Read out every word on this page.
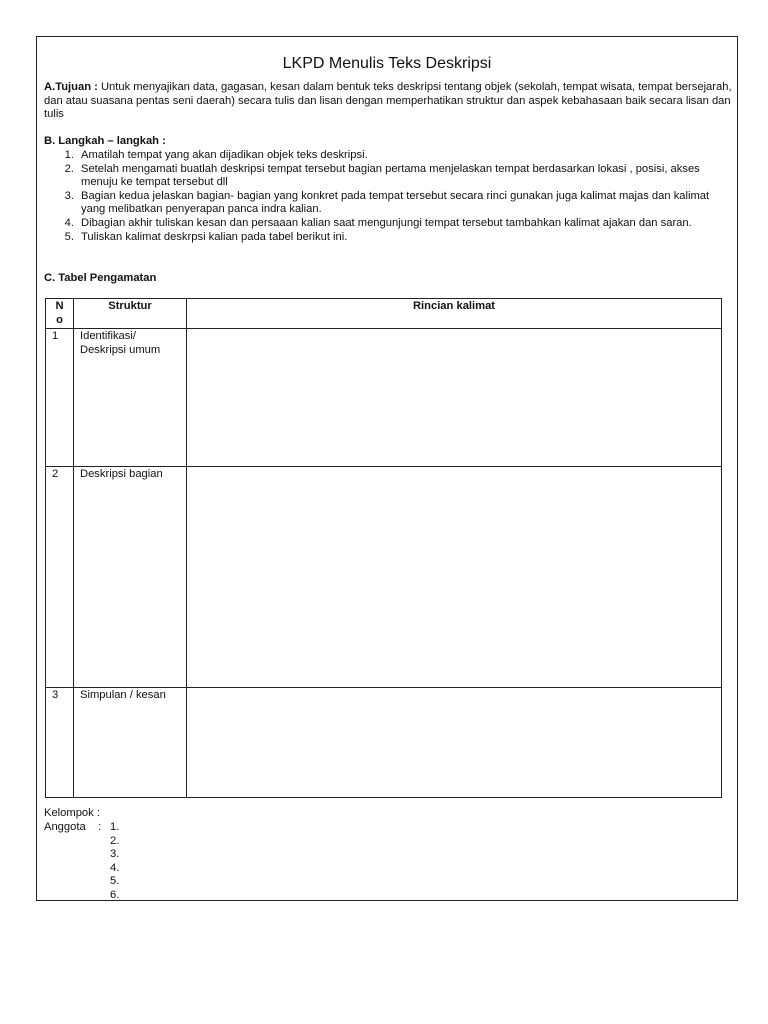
LKPD Menulis Teks Deskripsi
A.Tujuan : Untuk menyajikan data, gagasan, kesan dalam bentuk teks deskripsi tentang objek (sekolah, tempat wisata, tempat bersejarah, dan atau suasana pentas seni daerah) secara tulis dan lisan dengan memperhatikan struktur dan aspek kebahasaan baik secara lisan dan tulis
B. Langkah – langkah :
1. Amatilah tempat yang akan dijadikan objek teks deskripsi.
2. Setelah mengamati buatlah deskripsi tempat tersebut bagian pertama menjelaskan tempat berdasarkan lokasi , posisi, akses menuju ke tempat tersebut dll
3. Bagian kedua jelaskan bagian- bagian yang konkret pada tempat tersebut secara rinci gunakan juga kalimat majas dan kalimat yang melibatkan penyerapan panca indra kalian.
4. Dibagian akhir tuliskan kesan dan persaaan kalian saat mengunjungi tempat tersebut tambahkan kalimat ajakan dan saran.
5. Tuliskan kalimat deskrpsi kalian pada tabel berikut ini.
C. Tabel Pengamatan
N
o	Struktur	Rincian kalimat
1	Identifikasi/
Deskripsi umum	

2	Deskripsi bagian	

3	Simpulan / kesan	

Kelompok :
Anggota : 1.
2.
3.
4.
5.
6.
